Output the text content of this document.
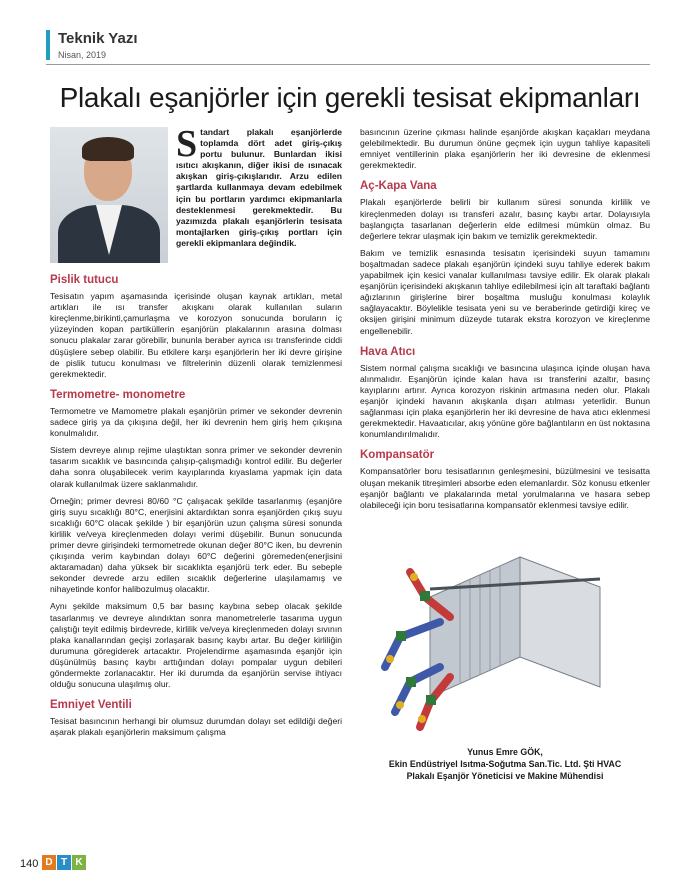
Teknik Yazı
Nisan, 2019
Plakalı eşanjörler için gerekli tesisat ekipmanları

Standart plakalı eşanjörlerde toplamda dört adet giriş-çıkış portu bulunur. Bunlardan ikisi ısıtıcı akışkanın, diğer ikisi de ısınacak akışkan giriş-çıkışlarıdır. Arzu edilen şartlarda kullanmaya devam edebilmek için bu portların yardımcı ekipmanlarla desteklenmesi gerekmektedir. Bu yazımızda plakalı eşanjörlerin tesisata montajlarken giriş-çıkış portları için gerekli ekipmanlara değindik.

Pislik tutucu

Tesisatın yapım aşamasında içerisinde oluşan kaynak artıkları, metal artıkları ile ısı transfer akışkanı olarak kullanılan suların kireçlenme,birikinti,çamurlaşma ve korozyon sonucunda boruların iç yüzeyinden kopan partiküllerin eşanjörün plakalarının arasına dolması sonucu plakalar zarar görebilir, bununla beraber ayrıca ısı transferinde ciddi düşüşlere sebep olabilir. Bu etkilere karşı eşanjörlerin her iki devre girişine de pislik tutucu konulması ve filtrelerinin düzenli olarak temizlenmesi gerekmektedir.

Termometre- monometre

Termometre ve Mamometre plakalı eşanjörün primer ve sekonder devrenin sadece giriş ya da çıkışına değil, her iki devrenin hem giriş hem çıkışına konulmalıdır.

Sistem devreye alınıp rejime ulaştıktan sonra primer ve sekonder devrenin tasarım sıcaklık ve basıncında çalışıp-çalışmadığı kontrol edilir. Bu değerler daha sonra oluşabilecek verim kayıplarında kıyaslama yapmak için data olarak kullanılmak üzere saklanmalıdır.

Örneğin; primer devresi 80/60 °C çalışacak şekilde tasarlanmış (eşanjöre giriş suyu sıcaklığı 80°C, enerjisini aktardıktan sonra eşanjörden çıkış suyu sıcaklığı 60°C olacak şekilde ) bir eşanjörün uzun çalışma süresi sonunda kirlilik ve/veya kireçlenmeden dolayı verimi düşebilir. Bunun sonucunda primer devre girişindeki termometrede okunan değer 80°C iken, bu devrenin çıkışında verim kaybından dolayı 60°C değerini göremeden(enerjisini aktaramadan) daha yüksek bir sıcaklıkta eşanjörü terk eder. Bu sebeple sekonder devrede arzu edilen sıcaklık değerlerine ulaşılamamış ve nihayetinde konfor halibozulmuş olacaktır.

Aynı şekilde maksimum 0,5 bar basınç kaybına sebep olacak şekilde tasarlanmış ve devreye alındıktan sonra manometrelerle tasarıma uygun çalıştığı teyit edilmiş birdevrede, kirlilik ve/veya kireçlenmeden dolayı sıvının plaka kanallarından geçişi zorlaşarak basınç kaybı artar. Bu değer kirliliğin durumuna göregiderek artacaktır. Projelendirme aşamasında eşanjör için düşünülmüş basınç kaybı arttığından dolayı pompalar uygun debileri göndermekte zorlanacaktır. Her iki durumda da eşanjörün servise ihtiyacı olduğu sonucuna ulaşılmış olur.

Emniyet Ventili

Tesisat basıncının herhangi bir olumsuz durumdan dolayı set edildiği değeri aşarak plakalı eşanjörlerin maksimum çalışma

basıncının üzerine çıkması halinde eşanjörde akışkan kaçakları meydana gelebilmektedir. Bu durumun önüne geçmek için uygun tahliye kapasiteli emniyet ventillerinin plaka eşanjörlerin her iki devresine de eklenmesi gerekmektedir.

Aç-Kapa Vana

Plakalı eşanjörlerde belirli bir kullanım süresi sonunda kirlilik ve kireçlenmeden dolayı ısı transferi azalır, basınç kaybı artar. Dolayısıyla başlangıçta tasarlanan değerlerin elde edilmesi mümkün olmaz. Bu değerlere tekrar ulaşmak için bakım ve temizlik gerekmektedir.

Bakım ve temizlik esnasında tesisatın içerisindeki suyun tamamını boşaltmadan sadece plakalı eşanjörün içindeki suyu tahliye ederek bakım yapabilmek için kesici vanalar kullanılması tavsiye edilir. Ek olarak plakalı eşanjörün içerisindeki akışkanın tahliye edilebilmesi için alt taraftaki bağlantı ağızlarının girişlerine birer boşaltma musluğu konulması kolaylık sağlayacaktır. Böylelikle tesisata yeni su ve beraberinde getirdiği kireç ve oksijen girişini minimum düzeyde tutarak ekstra korozyon ve kireçlenme engellenebilir.

Hava Atıcı

Sistem normal çalışma sıcaklığı ve basıncına ulaşınca içinde oluşan hava alınmalıdır. Eşanjörün içinde kalan hava ısı transferini azaltır, basınç kayıplarını artırır. Ayrıca korozyon riskinin artmasına neden olur. Plakalı eşanjör içindeki havanın akışkanla dışarı atılması yeterlidir. Bunun sağlanması için plaka eşanjörlerin her iki devresine de hava atıcı eklenmesi gerekmektedir. Havaatıcılar, akış yönüne göre bağlantıların en üst noktasına konumlandırılmalıdır.

Kompansatör

Kompansatörler boru tesisatlarının genleşmesini, büzülmesini ve tesisatta oluşan mekanik titreşimleri absorbe eden elemanlardır. Söz konusu etkenler eşanjör bağlantı ve plakalarında metal yorulmalarına ve hasara sebep olabileceği için boru tesisatlarına kompansatör eklenmesi tavsiye edilir.

Yunus Emre GÖK,
Ekin Endüstriyel Isıtma-Soğutma San.Tic. Ltd. Şti HVAC
Plakalı Eşanjör Yöneticisi ve Makine Mühendisi
140 D T K
